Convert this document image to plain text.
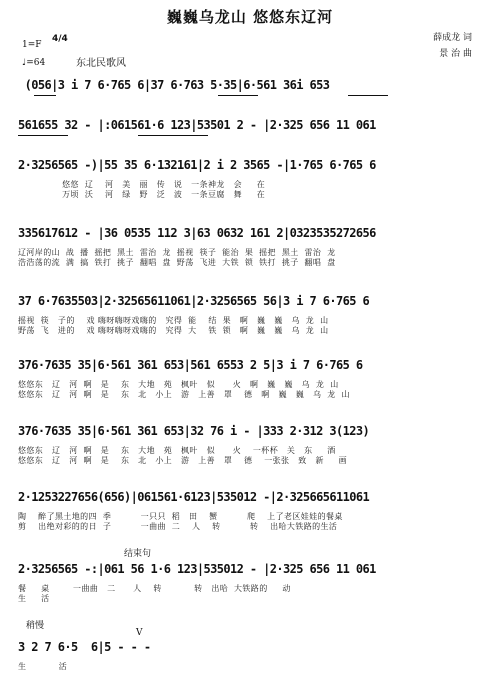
巍巍乌龙山 悠悠东辽河
薛成龙 词
景 治 曲
1=F
4/4
♩=64	东北民歌风
(056|3 i 7 6·765 6|37 6·763 5·35|6·561 36i 653
561655 32 - |:061561·6 123|53501 2 - |2·325 656 11 061
2·3256565 -)|55 35 6·132161|2 i 2 3565 -|1·765 6·765 6
悠悠  辽    河   美   丽   传   说   一条神龙   会     在
万顷  沃    河   绿   野   泛   波   一条豆腐   舞     在
335617612 - |36 0535 112 3|63 0632 161 2|0323535272656
辽河岸的山  战  播  摇把  黑土  雷治  龙  摇视  筷子  能治  果  摇把  黑土  雷治  龙
浩浩荡的流  满  搞  铁打  挑子  翻唱  盘  野荡  飞进  大铁  锁  铁打  挑子  翻唱  盘
37 6·7635503|2·32565611061|2·3256565 56|3 i 7 6·765 6
摇视  筷   子的    戏 嗨呀嗨呀戏嗨的   究得  能    结  果   啊   巍   巍   乌  龙  山
野荡  飞   进的    戏 嗨呀嗨呀戏嗨的   究得  大    铁  锁   啊   巍   巍   乌  龙  山
376·7635 35|6·561 361 653|561 6553 2 5|3 i 7 6·765 6
悠悠东   辽   河  啊   是    东   大地   苑   枫叶   似      火   啊   巍   巍   乌  龙  山
悠悠东   辽   河  啊   是    东   北   小上   游   上善   罩    德   啊   巍   巍   乌  龙  山
376·7635 35|6·561 361 653|32 76 i - |333 2·312 3(123)
悠悠东   辽   河  啊   是    东   大地   苑   枫叶   似      火    一杯杯   关   东     酒
悠悠东   辽   河  啊   是    东   北   小上   游   上善   罩    德    一张张   致   新     画
2·1253227656(656)|061561·6123|535012 -|2·325665611061
陶    醉了黑土地的四  季          一只只  稻   田    蟹          爬    上了老区娃娃的餐桌
剪    出绝对彩的的日  子          一曲曲  二    人    转          转    出哈大铁路的生活
结束句
2·3256565 -:|061 56 1·6 123|535012 - |2·325 656 11 061
餐     桌        一曲曲   二      人    转           转   出哈  大铁路的     动
生     活
稍慢
V
3 2 7 6·5  6|5 - - -
生           活
